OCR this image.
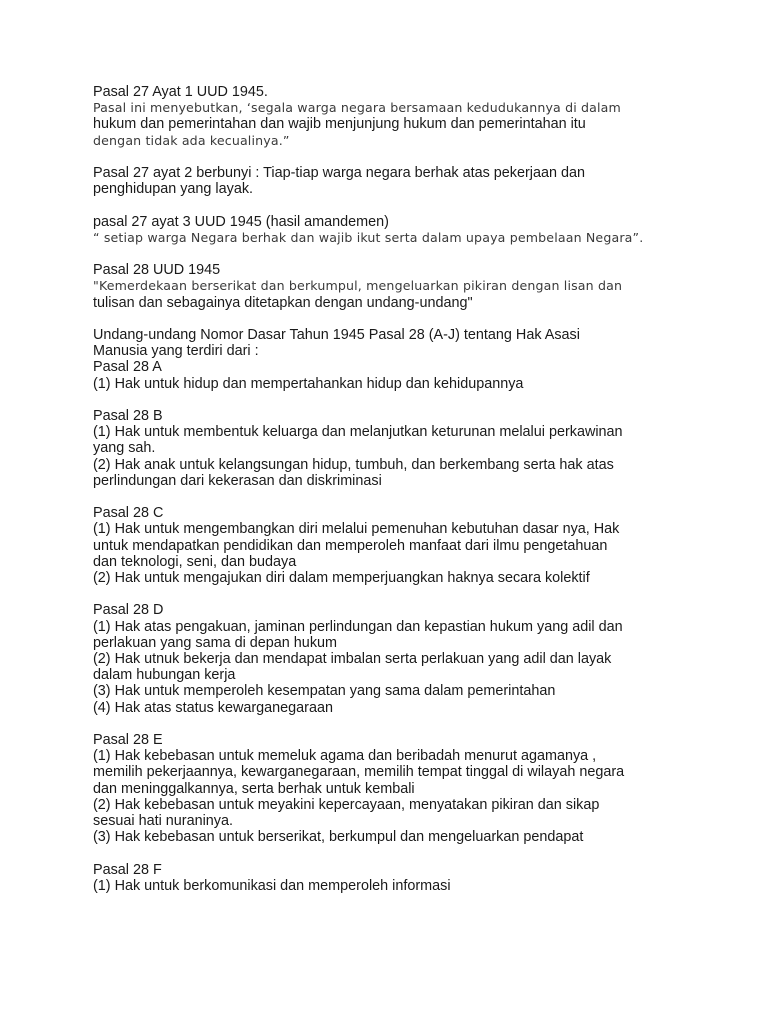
Pasal 27 Ayat 1 UUD 1945.
Pasal ini menyebutkan, ‘segala warga negara bersamaan kedudukannya di dalam
hukum dan pemerintahan dan wajib menjunjung hukum dan pemerintahan itu
dengan tidak ada kecualinya.”
Pasal 27 ayat 2 berbunyi : Tiap-tiap warga negara berhak atas pekerjaan dan
penghidupan yang layak.
pasal 27 ayat 3 UUD 1945 (hasil amandemen)
“ setiap warga Negara berhak dan wajib ikut serta dalam upaya pembelaan Negara”.
Pasal 28 UUD 1945
"Kemerdekaan berserikat dan berkumpul, mengeluarkan pikiran dengan lisan dan
tulisan dan sebagainya ditetapkan dengan undang-undang"
Undang-undang Nomor Dasar Tahun 1945 Pasal 28 (A-J) tentang Hak Asasi
Manusia yang terdiri dari :
Pasal 28 A
(1) Hak untuk hidup dan mempertahankan hidup dan kehidupannya
Pasal 28 B
(1) Hak untuk membentuk keluarga dan melanjutkan keturunan melalui perkawinan
yang sah.
(2) Hak anak untuk kelangsungan hidup, tumbuh, dan berkembang serta hak atas
perlindungan dari kekerasan dan diskriminasi
Pasal 28 C
(1) Hak untuk mengembangkan diri melalui pemenuhan kebutuhan dasar nya, Hak
untuk mendapatkan pendidikan dan memperoleh manfaat dari ilmu pengetahuan
dan teknologi, seni, dan budaya
(2) Hak untuk mengajukan diri dalam memperjuangkan haknya secara kolektif
Pasal 28 D
(1) Hak atas pengakuan, jaminan perlindungan dan kepastian hukum yang adil dan
perlakuan yang sama di depan hukum
(2) Hak utnuk bekerja dan mendapat imbalan serta perlakuan yang adil dan layak
dalam hubungan kerja
(3) Hak untuk memperoleh kesempatan yang sama dalam pemerintahan
(4) Hak atas status kewarganegaraan
Pasal 28 E
(1) Hak kebebasan untuk memeluk agama dan beribadah menurut agamanya ,
memilih pekerjaannya, kewarganegaraan, memilih tempat tinggal di wilayah negara
dan meninggalkannya, serta berhak untuk kembali
(2) Hak kebebasan untuk meyakini kepercayaan, menyatakan pikiran dan sikap
sesuai hati nuraninya.
(3) Hak kebebasan untuk berserikat, berkumpul dan mengeluarkan pendapat
Pasal 28 F
(1) Hak untuk berkomunikasi dan memperoleh informasi
